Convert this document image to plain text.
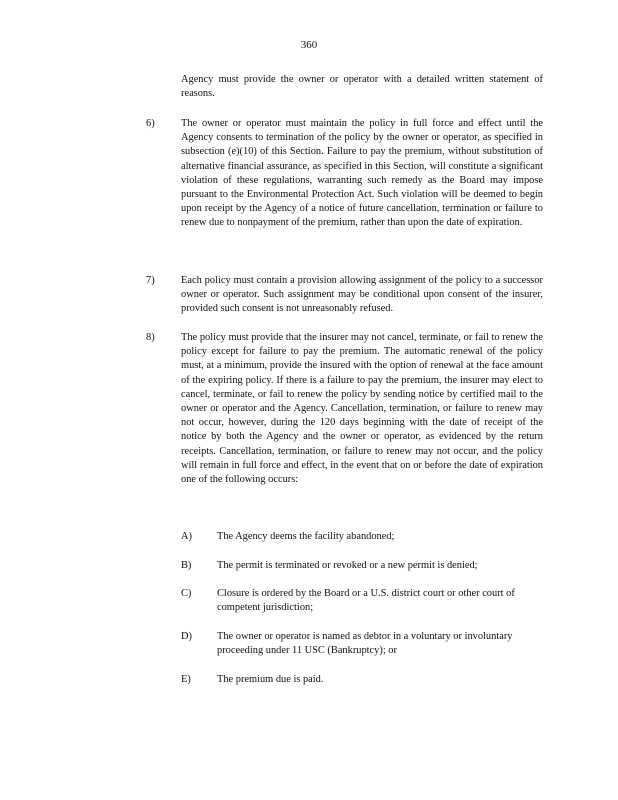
360

Agency must provide the owner or operator with a detailed written statement of reasons.

6)	The owner or operator must maintain the policy in full force and effect until the Agency consents to termination of the policy by the owner or operator, as specified in subsection (e)(10) of this Section. Failure to pay the premium, without substitution of alternative financial assurance, as specified in this Section, will constitute a significant violation of these regulations, warranting such remedy as the Board may impose pursuant to the Environmental Protection Act. Such violation will be deemed to begin upon receipt by the Agency of a notice of future cancellation, termination or failure to renew due to nonpayment of the premium, rather than upon the date of expiration.

7)	Each policy must contain a provision allowing assignment of the policy to a successor owner or operator. Such assignment may be conditional upon consent of the insurer, provided such consent is not unreasonably refused.

8)	The policy must provide that the insurer may not cancel, terminate, or fail to renew the policy except for failure to pay the premium. The automatic renewal of the policy must, at a minimum, provide the insured with the option of renewal at the face amount of the expiring policy. If there is a failure to pay the premium, the insurer may elect to cancel, terminate, or fail to renew the policy by sending notice by certified mail to the owner or operator and the Agency. Cancellation, termination, or failure to renew may not occur, however, during the 120 days beginning with the date of receipt of the notice by both the Agency and the owner or operator, as evidenced by the return receipts. Cancellation, termination, or failure to renew may not occur, and the policy will remain in full force and effect, in the event that on or before the date of expiration one of the following occurs:

A) The Agency deems the facility abandoned;

B) The permit is terminated or revoked or a new permit is denied;

C) Closure is ordered by the Board or a U.S. district court or other court of competent jurisdiction;

D) The owner or operator is named as debtor in a voluntary or involuntary proceeding under 11 USC (Bankruptcy); or

E)	The premium due is paid.
